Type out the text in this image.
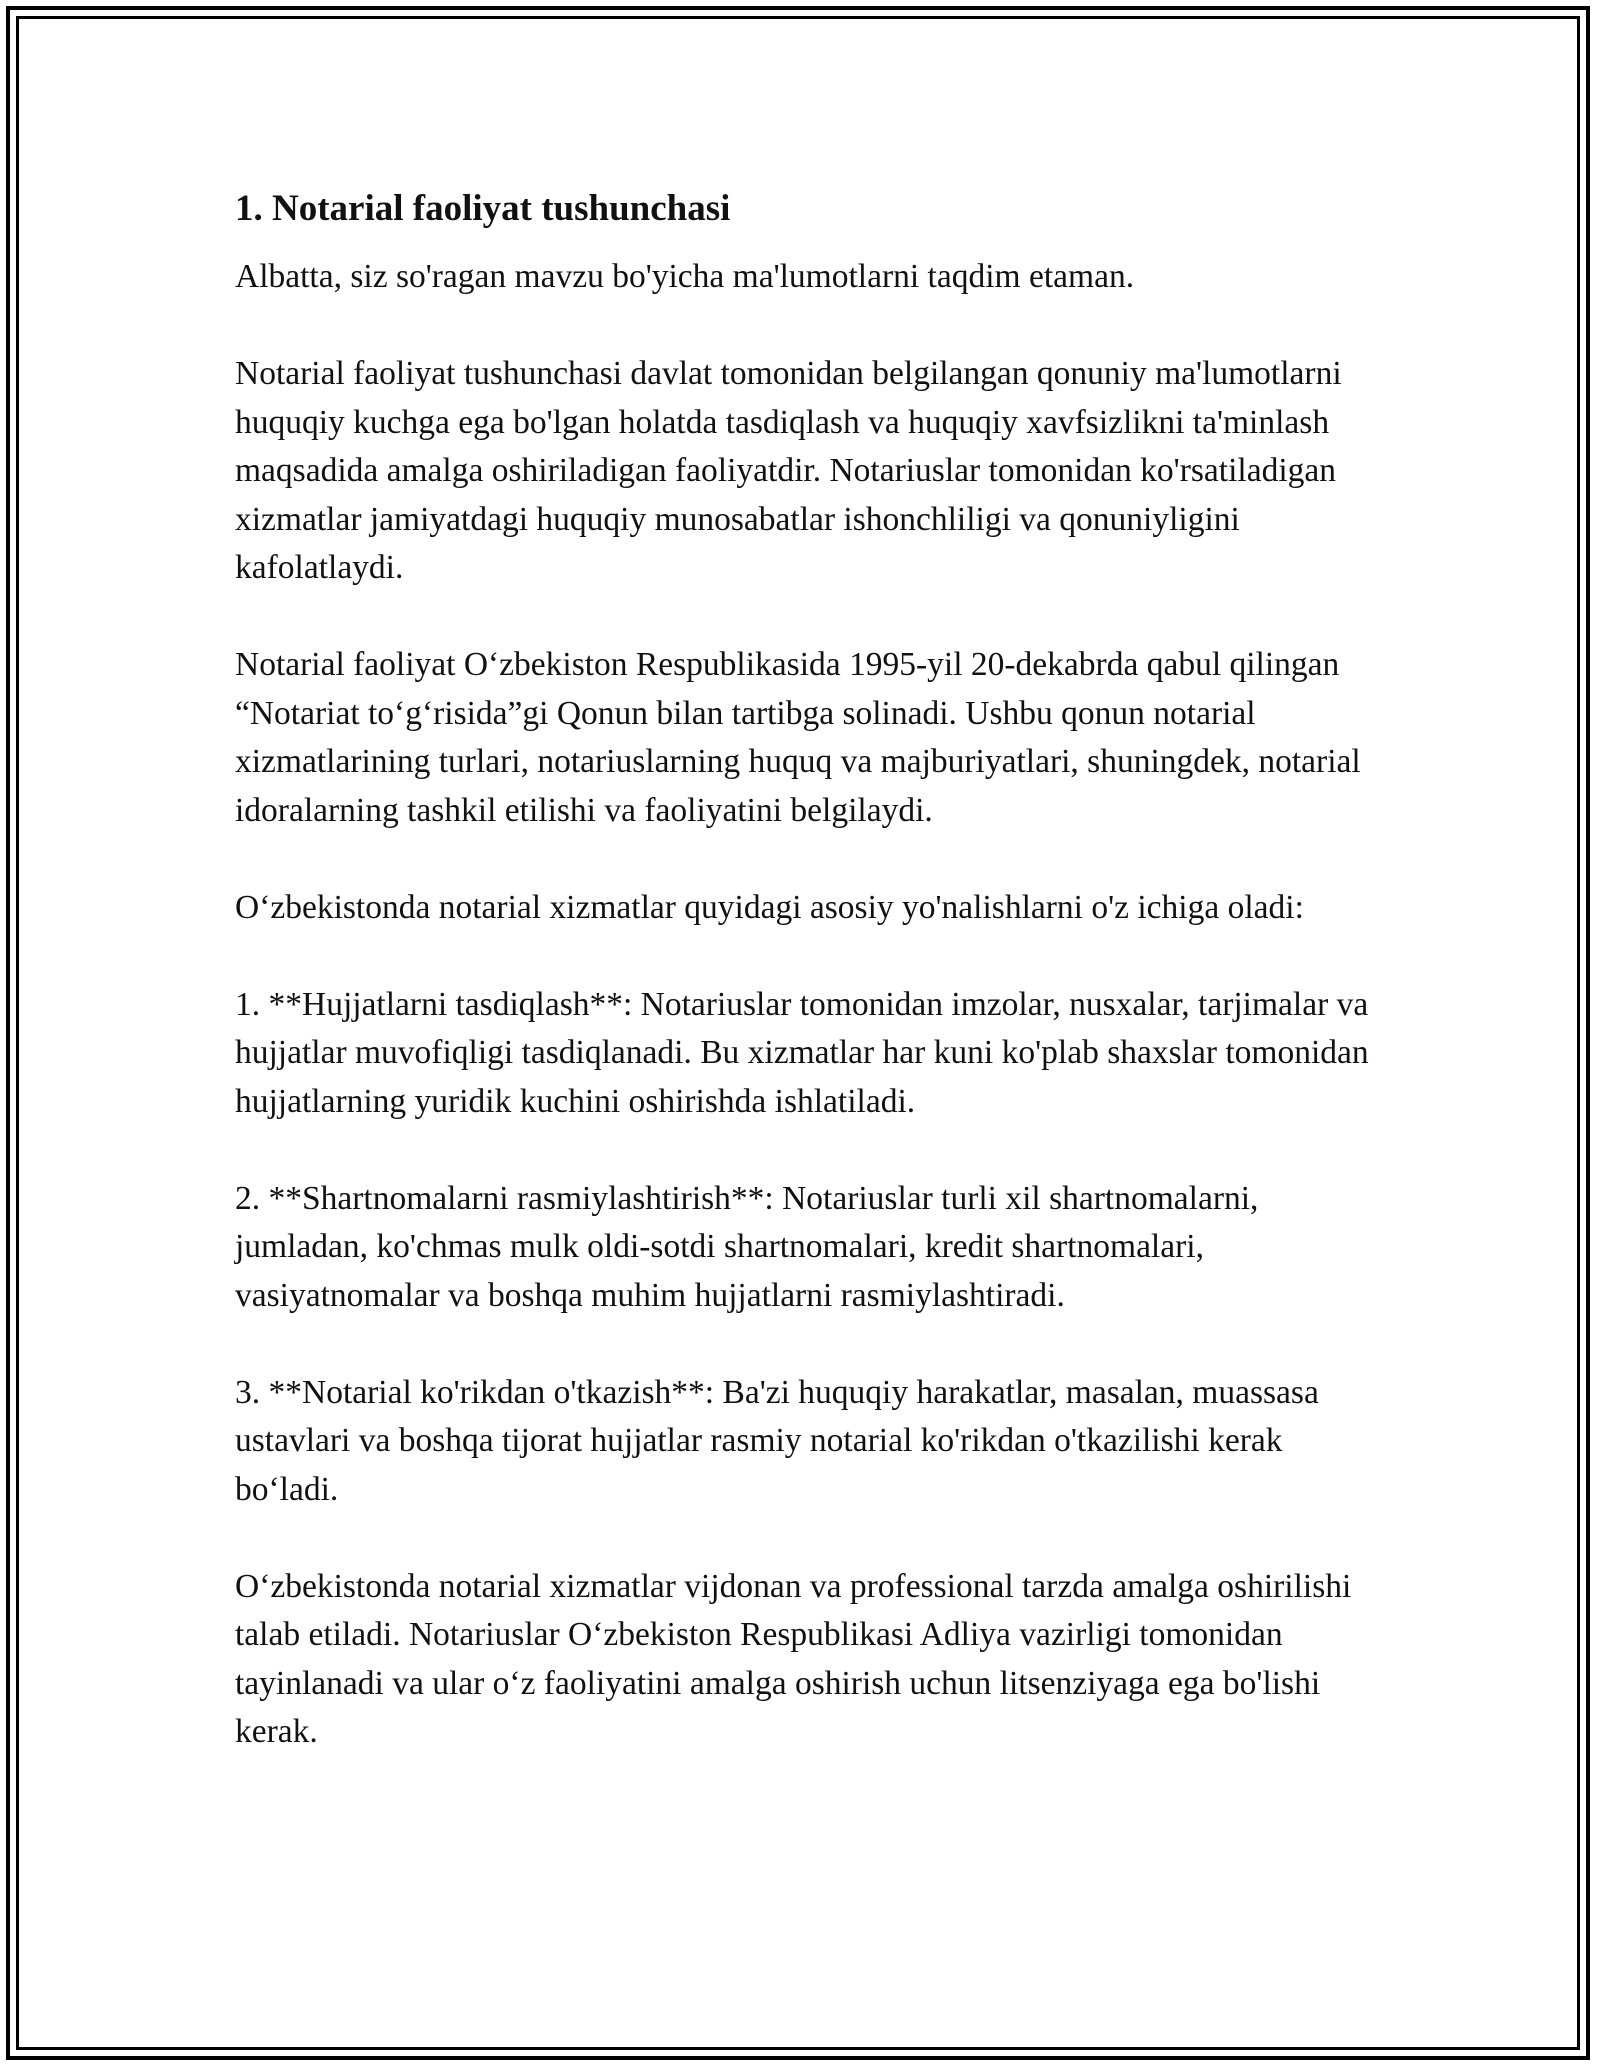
1. Notarial faoliyat tushunchasi

Albatta, siz so'ragan mavzu bo'yicha ma'lumotlarni taqdim etaman.

Notarial faoliyat tushunchasi davlat tomonidan belgilangan qonuniy ma'lumotlarni huquqiy kuchga ega bo'lgan holatda tasdiqlash va huquqiy xavfsizlikni ta'minlash maqsadida amalga oshiriladigan faoliyatdir. Notariuslar tomonidan ko'rsatiladigan xizmatlar jamiyatdagi huquqiy munosabatlar ishonchliligi va qonuniyligini kafolatlaydi.

Notarial faoliyat O‘zbekiston Respublikasida 1995-yil 20-dekabrda qabul qilingan “Notariat to‘g‘risida”gi Qonun bilan tartibga solinadi. Ushbu qonun notarial xizmatlarining turlari, notariuslarning huquq va majburiyatlari, shuningdek, notarial idoralarning tashkil etilishi va faoliyatini belgilaydi.

O‘zbekistonda notarial xizmatlar quyidagi asosiy yo'nalishlarni o'z ichiga oladi:

1. **Hujjatlarni tasdiqlash**: Notariuslar tomonidan imzolar, nusxalar, tarjimalar va hujjatlar muvofiqligi tasdiqlanadi. Bu xizmatlar har kuni ko'plab shaxslar tomonidan hujjatlarning yuridik kuchini oshirishda ishlatiladi.

2. **Shartnomalarni rasmiylashtirish**: Notariuslar turli xil shartnomalarni, jumladan, ko'chmas mulk oldi-sotdi shartnomalari, kredit shartnomalari, vasiyatnomalar va boshqa muhim hujjatlarni rasmiylashtiradi.

3. **Notarial ko'rikdan o'tkazish**: Ba'zi huquqiy harakatlar, masalan, muassasa ustavlari va boshqa tijorat hujjatlar rasmiy notarial ko'rikdan o'tkazilishi kerak bo‘ladi.

O‘zbekistonda notarial xizmatlar vijdonan va professional tarzda amalga oshirilishi talab etiladi. Notariuslar O‘zbekiston Respublikasi Adliya vazirligi tomonidan tayinlanadi va ular o‘z faoliyatini amalga oshirish uchun litsenziyaga ega bo'lishi kerak.
